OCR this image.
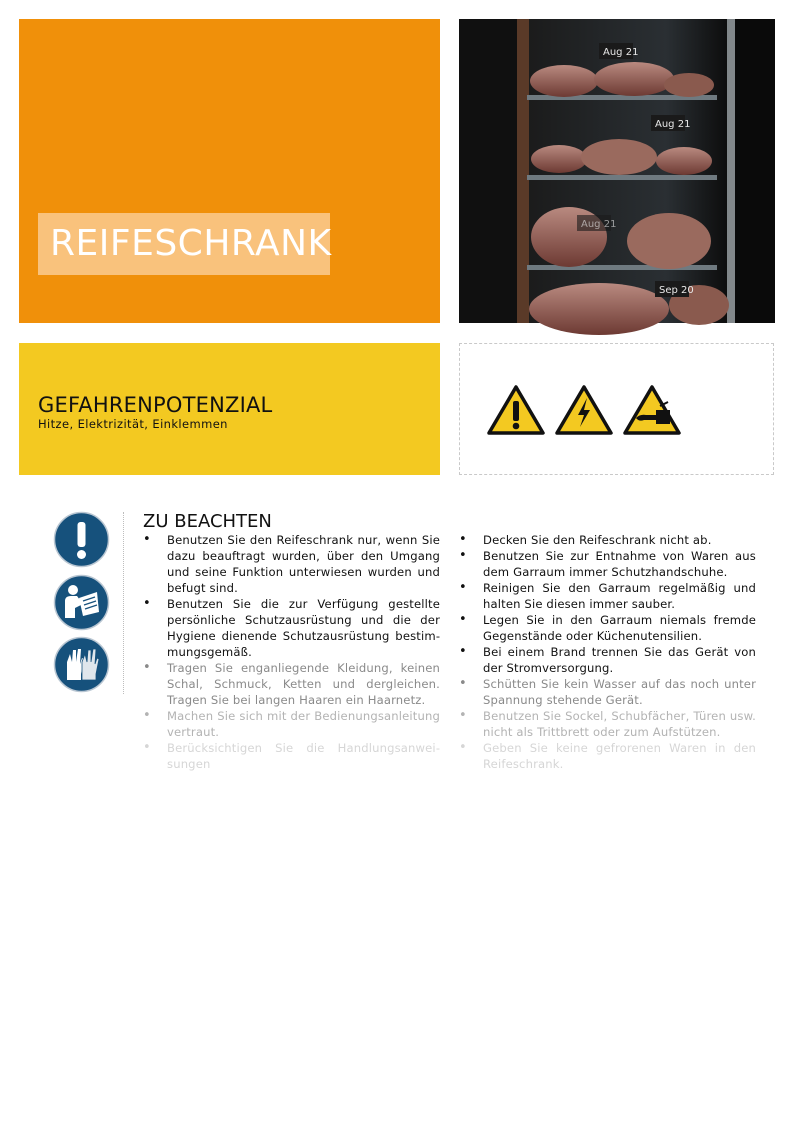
REIFESCHRANK
Aug 21
Aug 21
Aug 21
Sep 20
GEFAHRENPOTENZIAL
Hitze, Elektrizität, Einklemmen
ZU BEACHTEN
• Benutzen Sie den Reifeschrank nur, wenn Sie dazu beauftragt wurden, über den Umgang und seine Funktion unterwiesen wurden und befugt sind.
• Benutzen Sie die zur Verfügung gestellte persönliche Schutzausrüstung und die der Hygiene dienende Schutzausrüstung bestimmungsgemäß.
• Tragen Sie enganliegende Kleidung, keinen Schal, Schmuck, Ketten und dergleichen. Tragen Sie bei langen Haaren ein Haarnetz.
• Machen Sie sich mit der Bedienungsanleitung vertraut.
• Berücksichtigen Sie die Handlungsanweisungen
• Decken Sie den Reifeschrank nicht ab.
• Benutzen Sie zur Entnahme von Waren aus dem Garraum immer Schutzhandschuhe.
• Reinigen Sie den Garraum regelmäßig und halten Sie diesen immer sauber.
• Legen Sie in den Garraum niemals fremde Gegenstände oder Küchenutensilien.
• Bei einem Brand trennen Sie das Gerät von der Stromversorgung.
• Schütten Sie kein Wasser auf das noch unter Spannung stehende Gerät.
• Benutzen Sie Sockel, Schubfächer, Türen usw. nicht als Trittbrett oder zum Aufstützen.
• Geben Sie keine gefrorenen Waren in den Reifeschrank.
